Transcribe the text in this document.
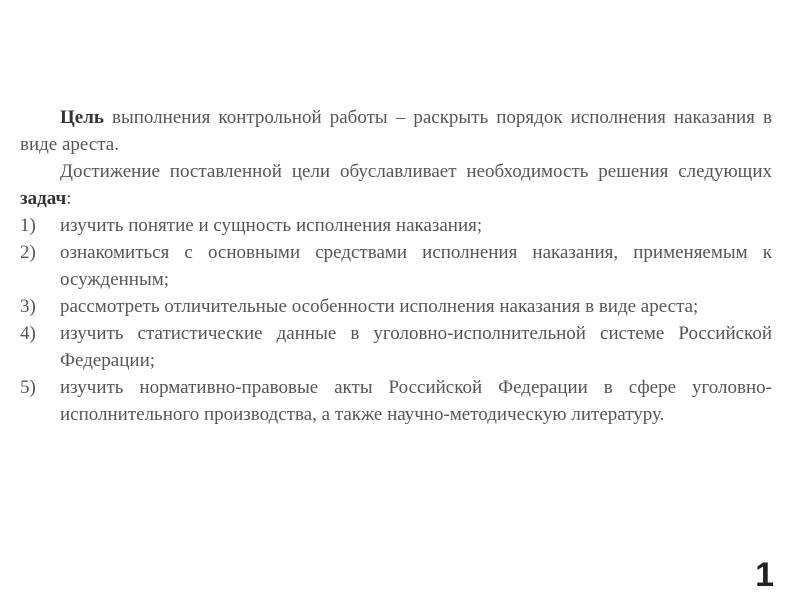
Цель выполнения контрольной работы – раскрыть порядок исполнения наказания в виде ареста.

Достижение поставленной цели обуславливает необходимость решения следующих задач:

1) изучить понятие и сущность исполнения наказания;
2) ознакомиться с основными средствами исполнения наказания, применяемым к осужденным;
3) рассмотреть отличительные особенности исполнения наказания в виде ареста;
4) изучить статистические данные в уголовно-исполнительной системе Российской Федерации;
5) изучить нормативно-правовые акты Российской Федерации в сфере уголовно-исполнительного производства, а также научно-методическую литературу.
1
